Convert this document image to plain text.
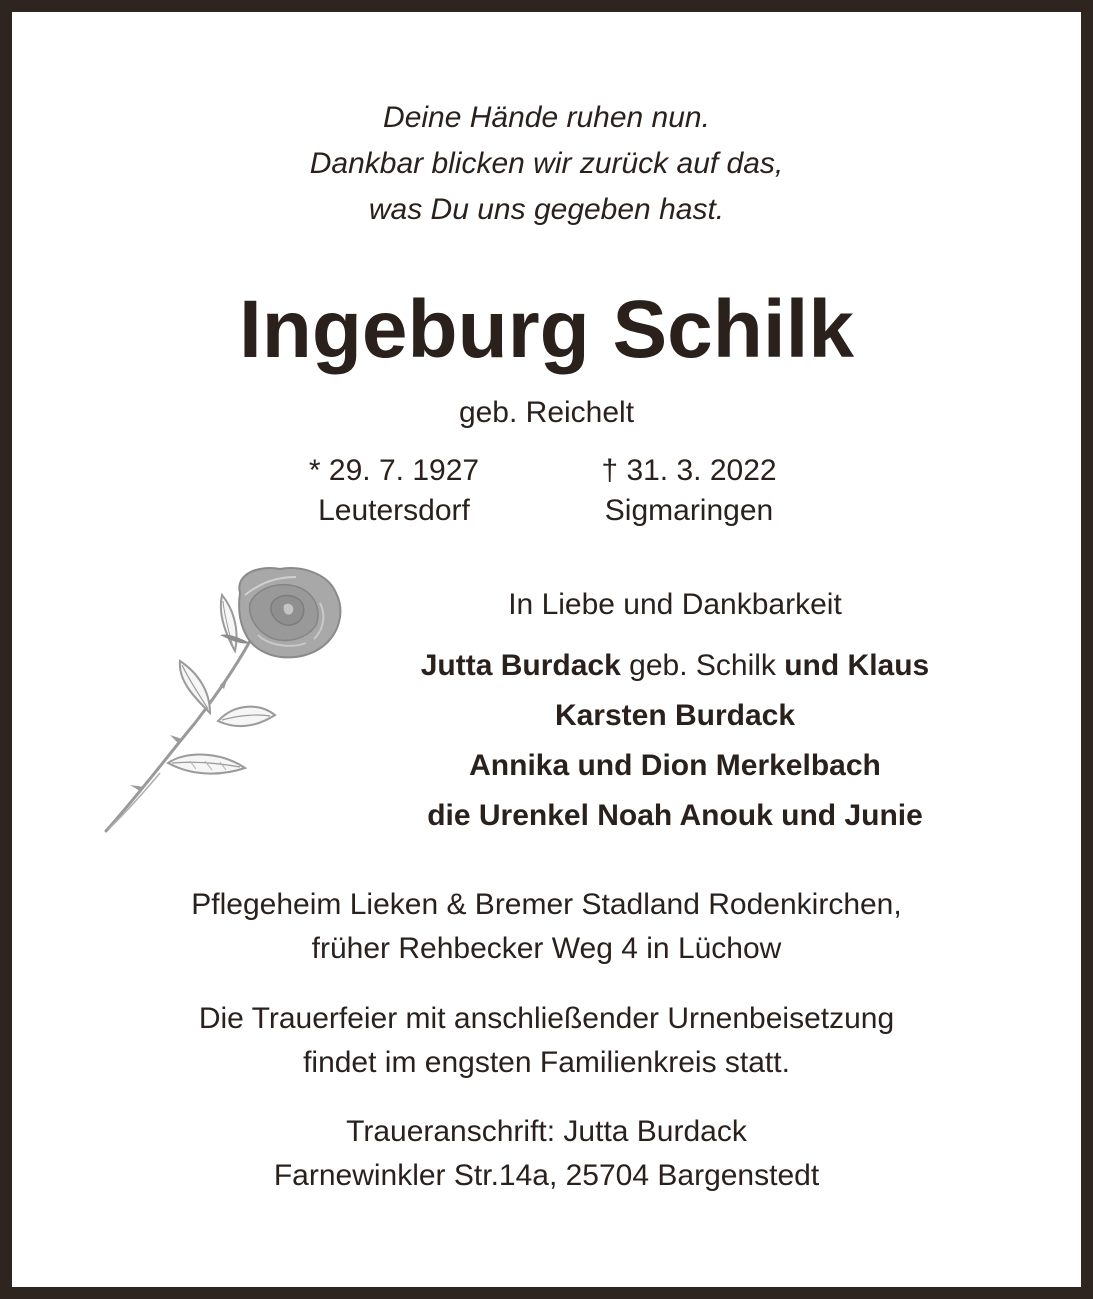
Deine Hände ruhen nun.
Dankbar blicken wir zurück auf das,
was Du uns gegeben hast.
Ingeburg Schilk
geb. Reichelt
* 29. 7. 1927
Leutersdorf
† 31. 3. 2022
Sigmaringen
In Liebe und Dankbarkeit
Jutta Burdack geb. Schilk und Klaus
Karsten Burdack
Annika und Dion Merkelbach
die Urenkel Noah Anouk und Junie
Pflegeheim Lieken & Bremer Stadland Rodenkirchen,
früher Rehbecker Weg 4 in Lüchow
Die Trauerfeier mit anschließender Urnenbeisetzung
findet im engsten Familienkreis statt.
Traueranschrift: Jutta Burdack
Farnewinkler Str.14a, 25704 Bargenstedt
